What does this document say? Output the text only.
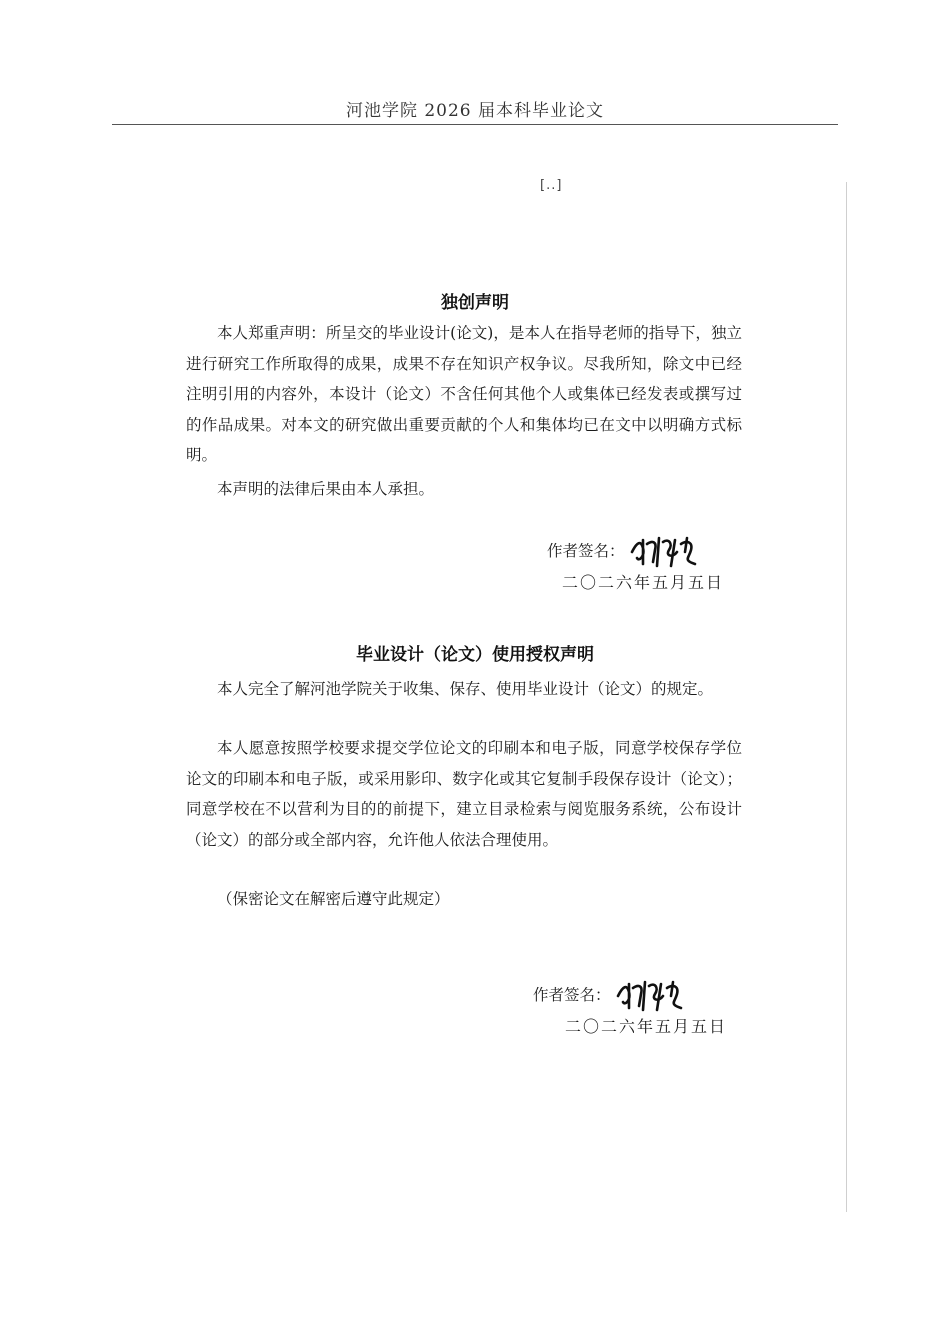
河池学院 2026 届本科毕业论文
[..]
独创声明

本人郑重声明：所呈交的毕业设计(论文)，是本人在指导老师的指导下，独立进行研究工作所取得的成果，成果不存在知识产权争议。尽我所知，除文中已经注明引用的内容外，本设计（论文）不含任何其他个人或集体已经发表或撰写过的作品成果。对本文的研究做出重要贡献的个人和集体均已在文中以明确方式标明。

本声明的法律后果由本人承担。

作者签名：
二〇二六年五月五日
毕业设计（论文）使用授权声明

本人完全了解河池学院关于收集、保存、使用毕业设计（论文）的规定。

本人愿意按照学校要求提交学位论文的印刷本和电子版，同意学校保存学位论文的印刷本和电子版，或采用影印、数字化或其它复制手段保存设计（论文）；同意学校在不以营利为目的的前提下，建立目录检索与阅览服务系统，公布设计（论文）的部分或全部内容，允许他人依法合理使用。

（保密论文在解密后遵守此规定）

作者签名：
二〇二六年五月五日
